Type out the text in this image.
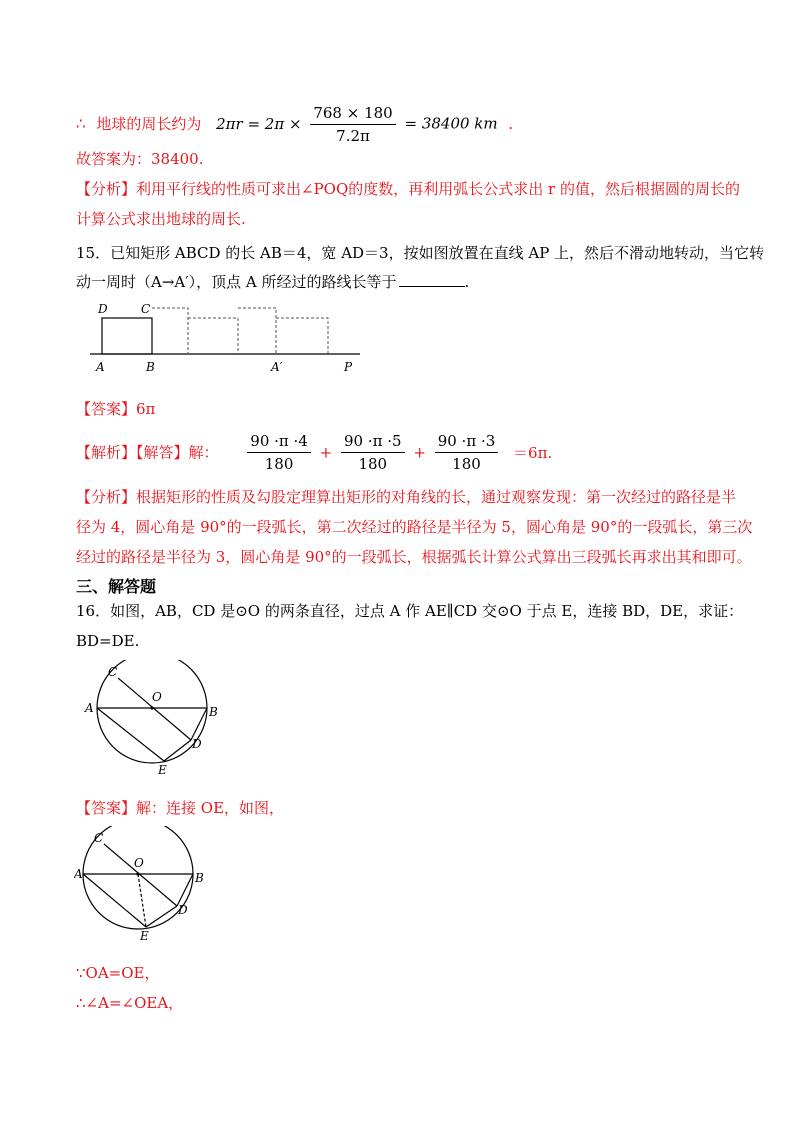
∴ 地球的周长约为 $2\pi r = 2\pi \times \frac{768 \times 180}{7.2\pi} = 38400$ km .
故答案为：38400.
【分析】利用平行线的性质可求出∠POQ的度数，再利用弧长公式求出 r 的值，然后根据圆的周长的
计算公式求出地球的周长.
15．已知矩形 ABCD 的长 AB＝4，宽 AD＝3，按如图放置在直线 AP 上，然后不滑动地转动，当它转
动一周时（A→A′），顶点 A 所经过的路线长等于	.
D	C
A	B	A′	P
【答案】6π
【解析】【解答】解： $\frac{90 \cdot\pi \cdot 4}{180} + \frac{90 \cdot\pi \cdot 5}{180} + \frac{90 \cdot\pi \cdot 3}{180} =6\pi$.
【分析】根据矩形的性质及勾股定理算出矩形的对角线的长，通过观察发现：第一次经过的路径是半
径为 4，圆心角是 90°的一段弧长，第二次经过的路径是半径为 5，圆心角是 90°的一段弧长，第三次
经过的路径是半径为 3，圆心角是 90°的一段弧长，根据弧长计算公式算出三段弧长再求出其和即可。
三、解答题
16．如图，AB，CD 是⊙O 的两条直径，过点 A 作 AE∥CD 交⊙O 于点 E，连接 BD，DE，求证：
BD=DE.
C
O
A	B
D
E
【答案】解：连接 OE，如图，
C
O
A	B
D
E
∵OA=OE，
∴∠A=∠OEA，
